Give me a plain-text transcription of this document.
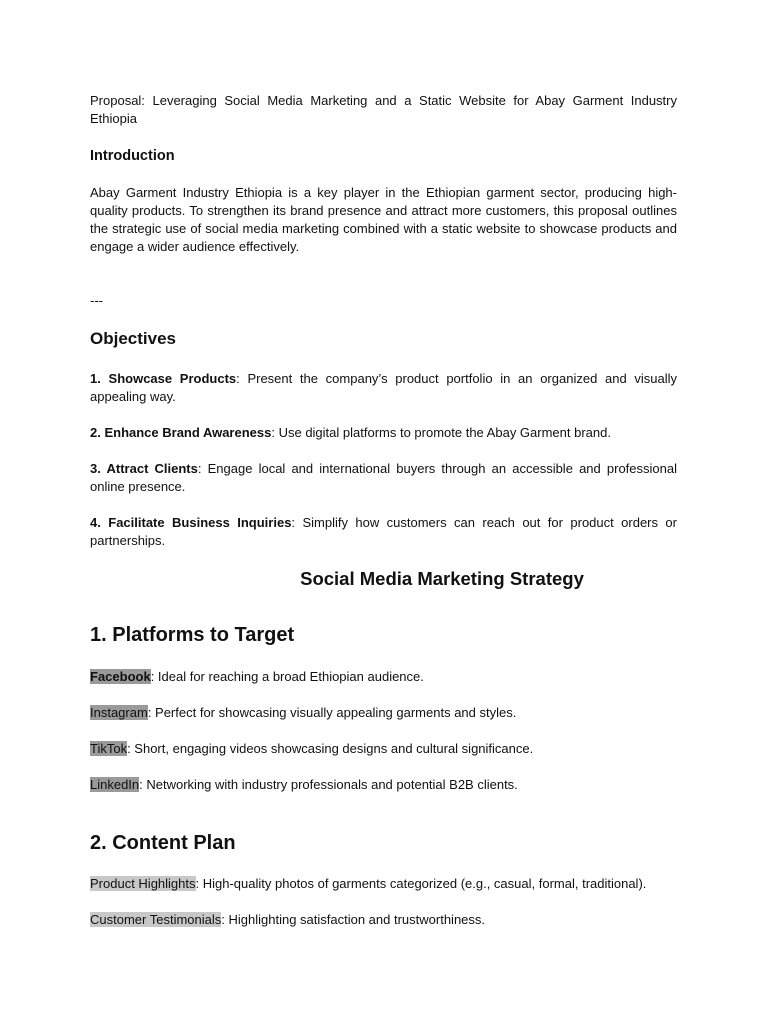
Proposal: Leveraging Social Media Marketing and a Static Website for Abay Garment Industry Ethiopia

Introduction

Abay Garment Industry Ethiopia is a key player in the Ethiopian garment sector, producing high-quality products. To strengthen its brand presence and attract more customers, this proposal outlines the strategic use of social media marketing combined with a static website to showcase products and engage a wider audience effectively.

---

Objectives

1. Showcase Products: Present the company’s product portfolio in an organized and visually appealing way.

2. Enhance Brand Awareness: Use digital platforms to promote the Abay Garment brand.

3. Attract Clients: Engage local and international buyers through an accessible and professional online presence.

4. Facilitate Business Inquiries: Simplify how customers can reach out for product orders or partnerships.

Social Media Marketing Strategy

1. Platforms to Target

Facebook: Ideal for reaching a broad Ethiopian audience.

Instagram: Perfect for showcasing visually appealing garments and styles.

TikTok: Short, engaging videos showcasing designs and cultural significance.

LinkedIn: Networking with industry professionals and potential B2B clients.

2. Content Plan

Product Highlights: High-quality photos of garments categorized (e.g., casual, formal, traditional).

Customer Testimonials: Highlighting satisfaction and trustworthiness.
